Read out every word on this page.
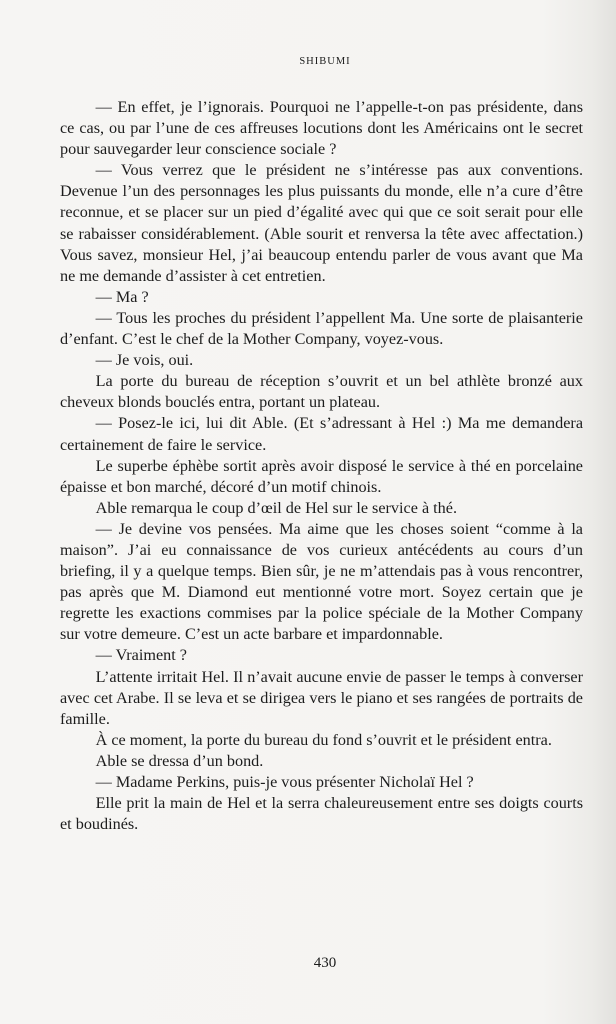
SHIBUMI

— En effet, je l’ignorais. Pourquoi ne l’appelle-t-on pas présidente, dans ce cas, ou par l’une de ces affreuses locutions dont les Américains ont le secret pour sauvegarder leur conscience sociale ?

— Vous verrez que le président ne s’intéresse pas aux conventions. Devenue l’un des personnages les plus puissants du monde, elle n’a cure d’être reconnue, et se placer sur un pied d’égalité avec qui que ce soit serait pour elle se rabaisser considérablement. (Able sourit et renversa la tête avec affectation.) Vous savez, monsieur Hel, j’ai beaucoup entendu parler de vous avant que Ma ne me demande d’assister à cet entretien.

— Ma ?

— Tous les proches du président l’appellent Ma. Une sorte de plaisanterie d’enfant. C’est le chef de la Mother Company, voyez-vous.

— Je vois, oui.

La porte du bureau de réception s’ouvrit et un bel athlète bronzé aux cheveux blonds bouclés entra, portant un plateau.

— Posez-le ici, lui dit Able. (Et s’adressant à Hel :) Ma me demandera certainement de faire le service.

Le superbe éphèbe sortit après avoir disposé le service à thé en porcelaine épaisse et bon marché, décoré d’un motif chinois.

Able remarqua le coup d’œil de Hel sur le service à thé.

— Je devine vos pensées. Ma aime que les choses soient “comme à la maison”. J’ai eu connaissance de vos curieux antécédents au cours d’un briefing, il y a quelque temps. Bien sûr, je ne m’attendais pas à vous rencontrer, pas après que M. Diamond eut mentionné votre mort. Soyez certain que je regrette les exactions commises par la police spéciale de la Mother Company sur votre demeure. C’est un acte barbare et impardonnable.

— Vraiment ?

L’attente irritait Hel. Il n’avait aucune envie de passer le temps à converser avec cet Arabe. Il se leva et se dirigea vers le piano et ses rangées de portraits de famille.

À ce moment, la porte du bureau du fond s’ouvrit et le président entra.

Able se dressa d’un bond.

— Madame Perkins, puis-je vous présenter Nicholaï Hel ?

Elle prit la main de Hel et la serra chaleureusement entre ses doigts courts et boudinés.

430
